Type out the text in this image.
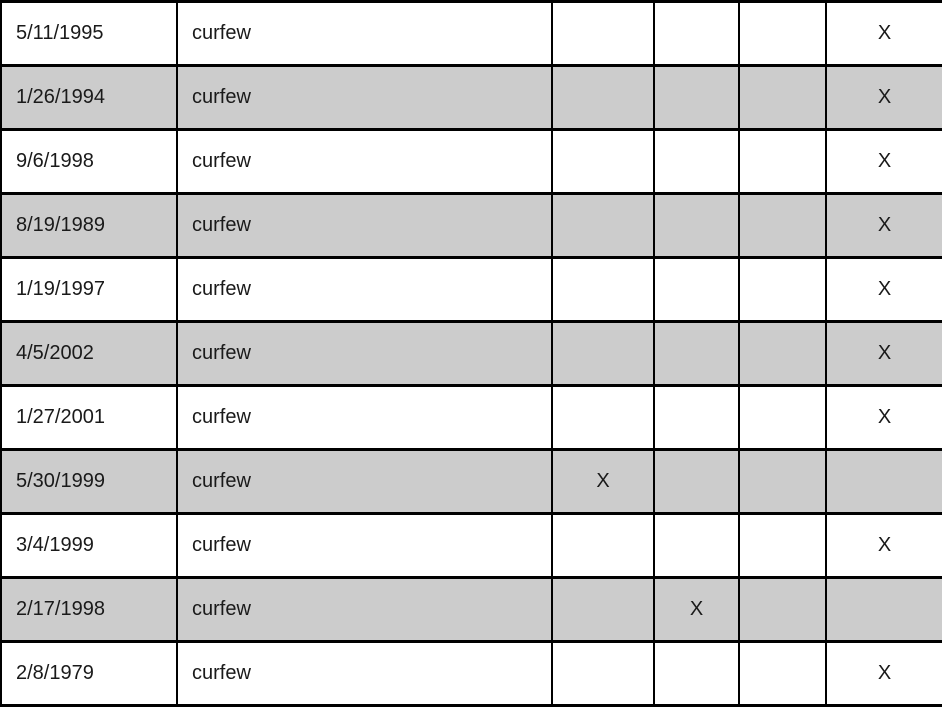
5/11/1995	curfew				X
1/26/1994	curfew				X
9/6/1998	curfew				X
8/19/1989	curfew				X
1/19/1997	curfew				X
4/5/2002	curfew				X
1/27/2001	curfew				X
5/30/1999	curfew	X			
3/4/1999	curfew				X
2/17/1998	curfew		X		
2/8/1979	curfew				X
